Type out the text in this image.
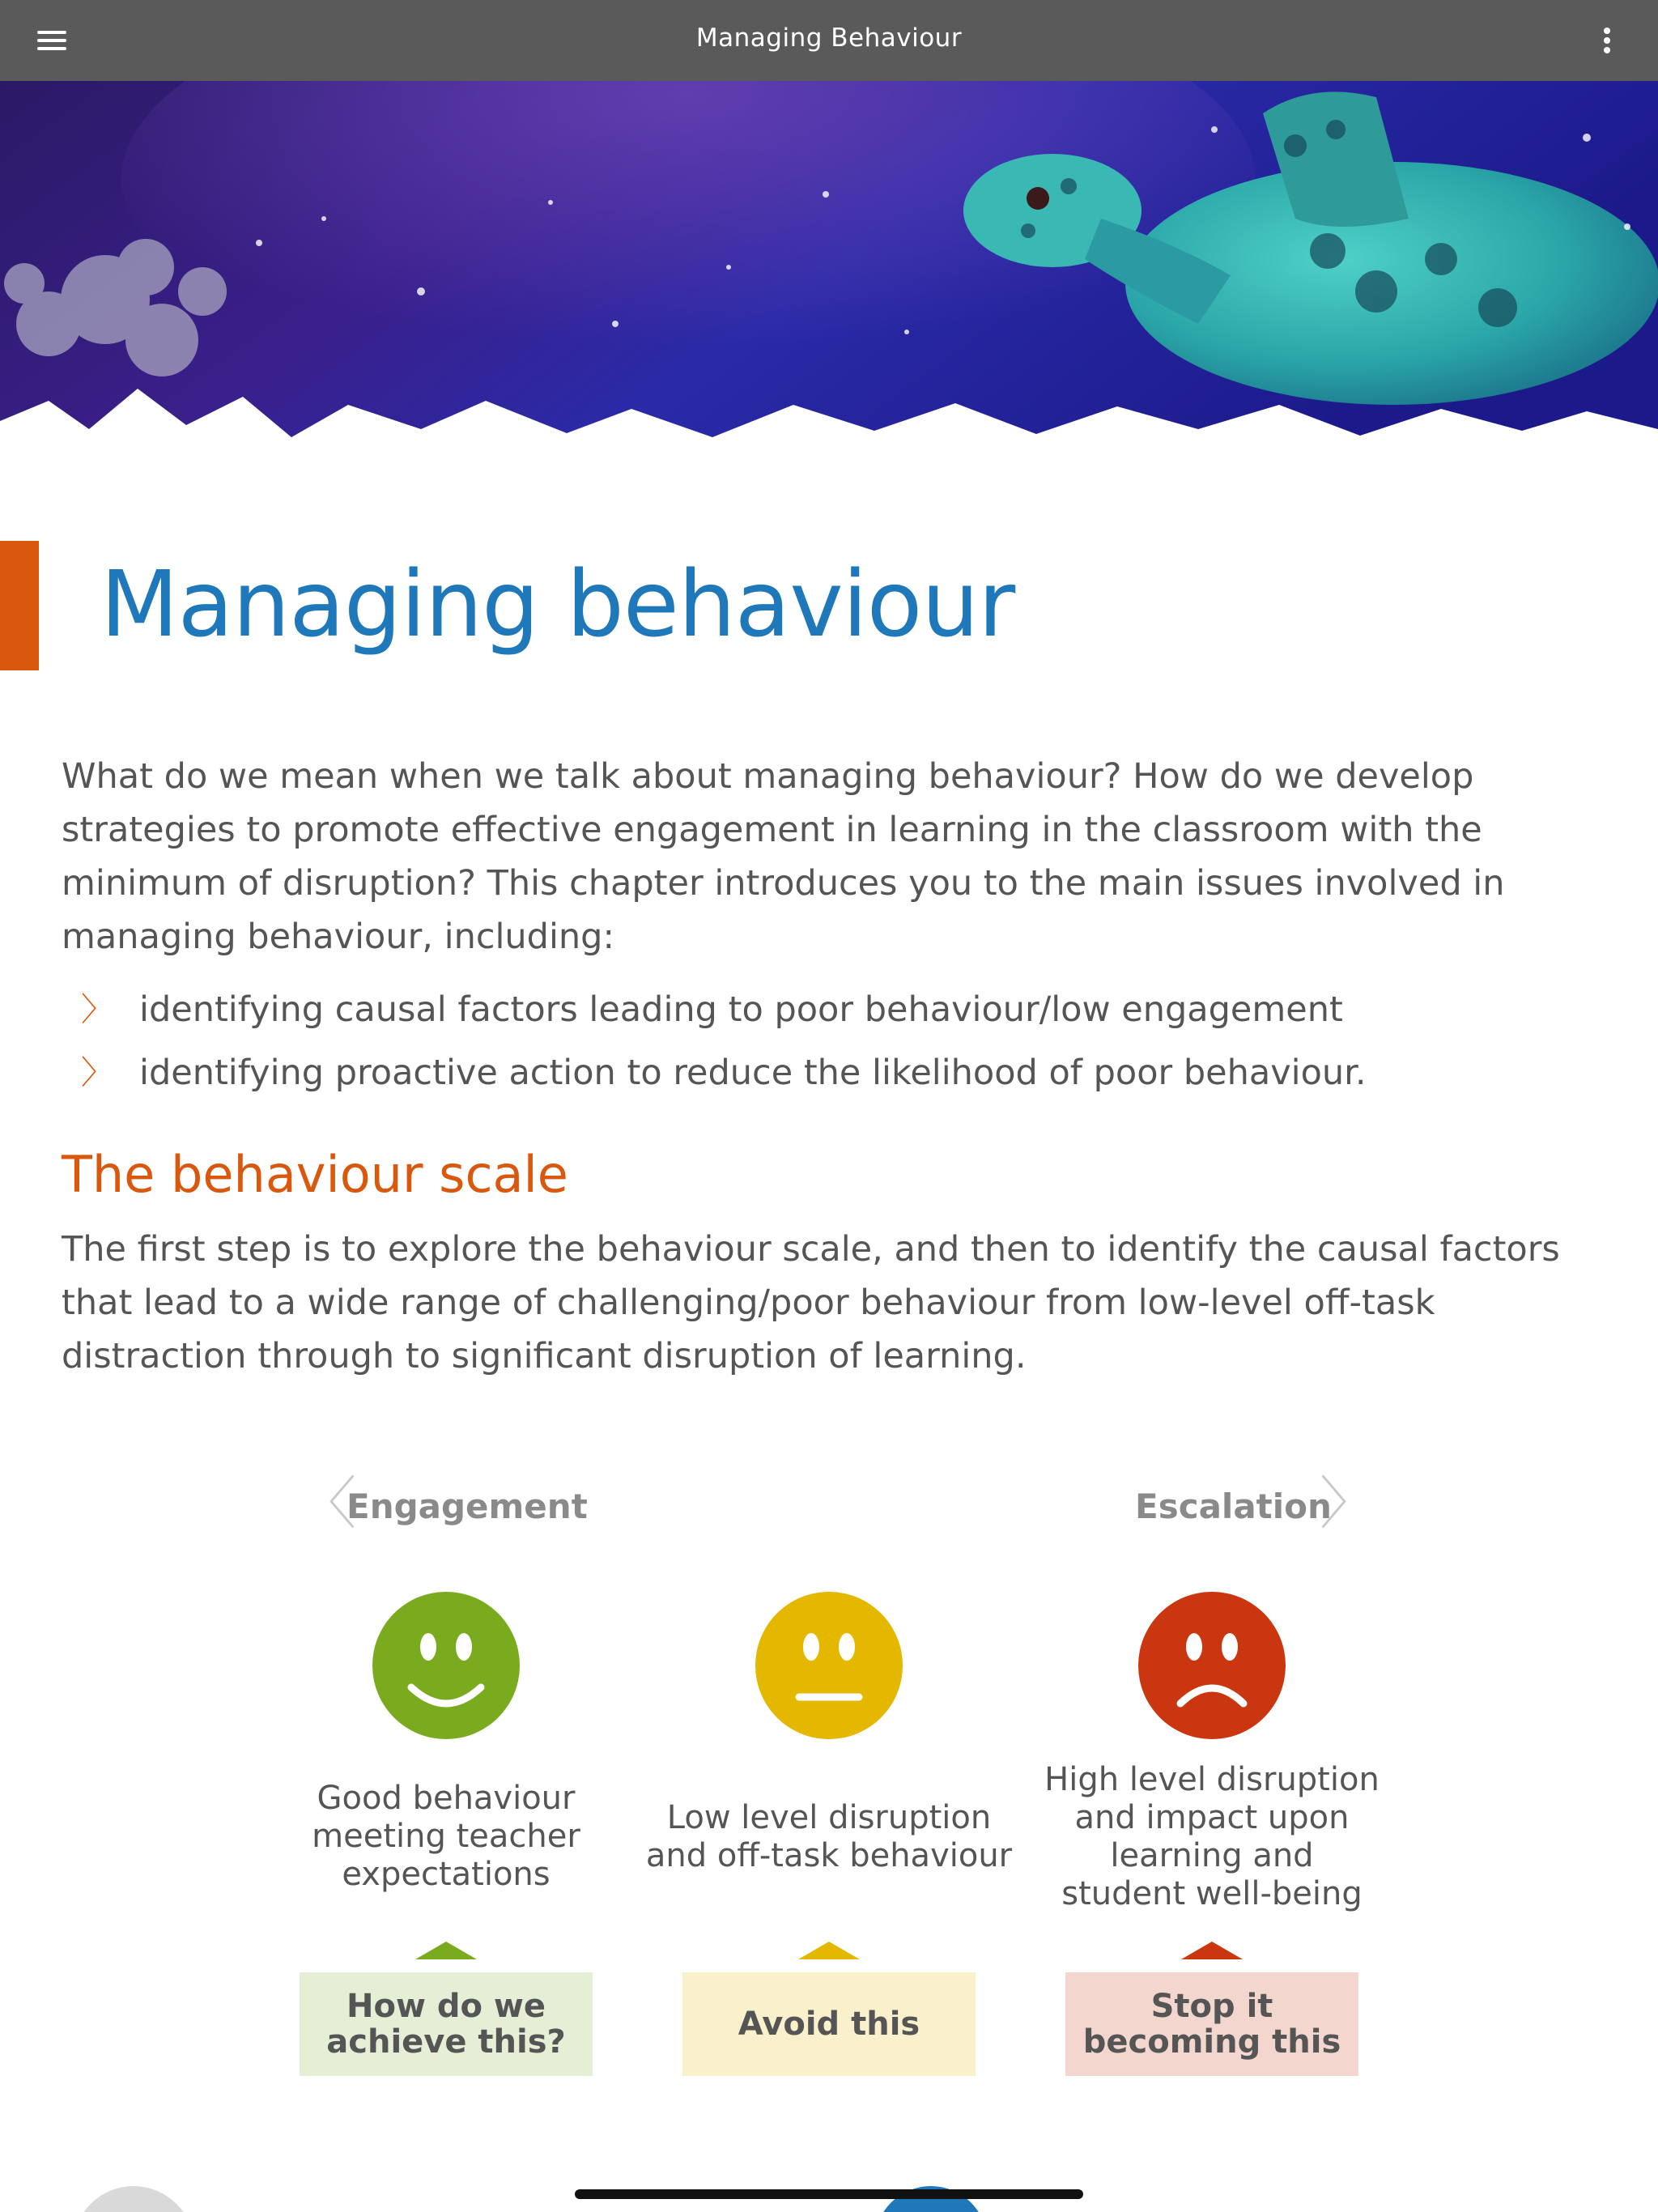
Managing Behaviour
Managing behaviour

What do we mean when we talk about managing behaviour? How do we develop strategies to promote effective engagement in learning in the classroom with the minimum of disruption? This chapter introduces you to the main issues involved in managing behaviour, including:

〉 identifying causal factors leading to poor behaviour/low engagement
〉 identifying proactive action to reduce the likelihood of poor behaviour.
The behaviour scale

The first step is to explore the behaviour scale, and then to identify the causal factors that lead to a wide range of challenging/poor behaviour from low-level off-task distraction through to significant disruption of learning.

〈
Engagement	Escalation
〉
Good behaviour
meeting teacher
expectations
Low level disruption
and off-task behaviour
High level disruption
and impact upon
learning and
student well-being
How do we
achieve this?	Avoid this	Stop it
becoming this
